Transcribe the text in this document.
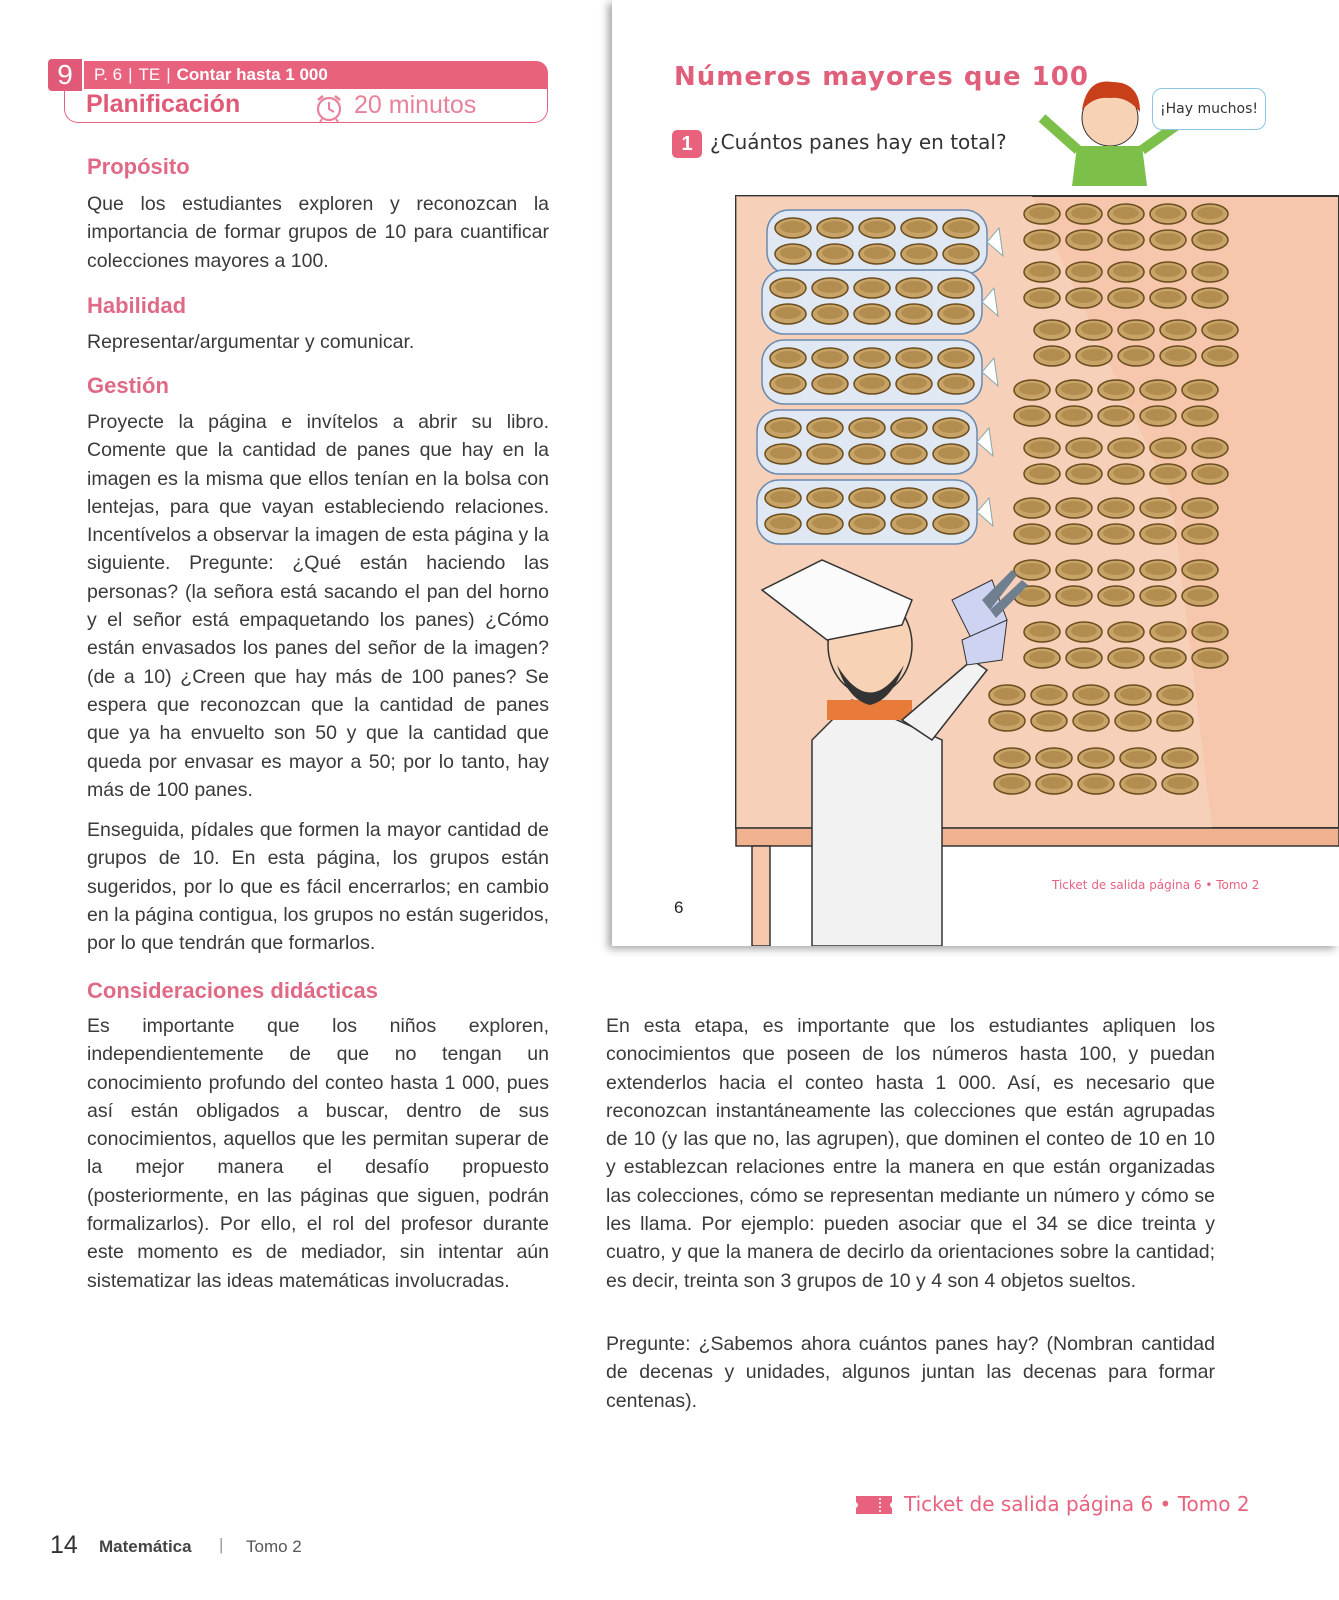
9	P. 6 | TE | Contar hasta 1 000
Planificación	20 minutos
Propósito
Que los estudiantes exploren y reconozcan la importancia de formar grupos de 10 para cuantificar colecciones mayores a 100.
Habilidad
Representar/argumentar y comunicar.
Gestión
Proyecte la página e invítelos a abrir su libro. Comente que la cantidad de panes que hay en la imagen es la misma que ellos tenían en la bolsa con lentejas, para que vayan estableciendo relaciones. Incentívelos a observar la imagen de esta página y la siguiente. Pregunte: ¿Qué están haciendo las personas? (la señora está sacando el pan del horno y el señor está empaquetando los panes) ¿Cómo están envasados los panes del señor de la imagen? (de a 10) ¿Creen que hay más de 100 panes? Se espera que reconozcan que la cantidad de panes que ya ha envuelto son 50 y que la cantidad que queda por envasar es mayor a 50; por lo tanto, hay más de 100 panes.
Enseguida, pídales que formen la mayor cantidad de grupos de 10. En esta página, los grupos están sugeridos, por lo que es fácil encerrarlos; en cambio en la página contigua, los grupos no están sugeridos, por lo que tendrán que formarlos.
Consideraciones didácticas
Es importante que los niños exploren, independientemente de que no tengan un conocimiento profundo del conteo hasta 1 000, pues así están obligados a buscar, dentro de sus conocimientos, aquellos que les permitan superar de la mejor manera el desafío propuesto (posteriormente, en las páginas que siguen, podrán formalizarlos). Por ello, el rol del profesor durante este momento es de mediador, sin intentar aún sistematizar las ideas matemáticas involucradas.
En esta etapa, es importante que los estudiantes apliquen los conocimientos que poseen de los números hasta 100, y puedan extenderlos hacia el conteo hasta 1 000. Así, es necesario que reconozcan instantáneamente las colecciones que están agrupadas de 10 (y las que no, las agrupen), que dominen el conteo de 10 en 10 y establezcan relaciones entre la manera en que están organizadas las colecciones, cómo se representan mediante un número y cómo se les llama. Por ejemplo: pueden asociar que el 34 se dice treinta y cuatro, y que la manera de decirlo da orientaciones sobre la cantidad; es decir, treinta son 3 grupos de 10 y 4 son 4 objetos sueltos.
Pregunte: ¿Sabemos ahora cuántos panes hay? (Nombran cantidad de decenas y unidades, algunos juntan las decenas para formar centenas).
Números mayores que 100
1 ¿Cuántos panes hay en total?
¡Hay muchos!
6
Ticket de salida página 6 • Tomo 2
Ticket de salida página 6 • Tomo 2
14 Matemática | Tomo 2
